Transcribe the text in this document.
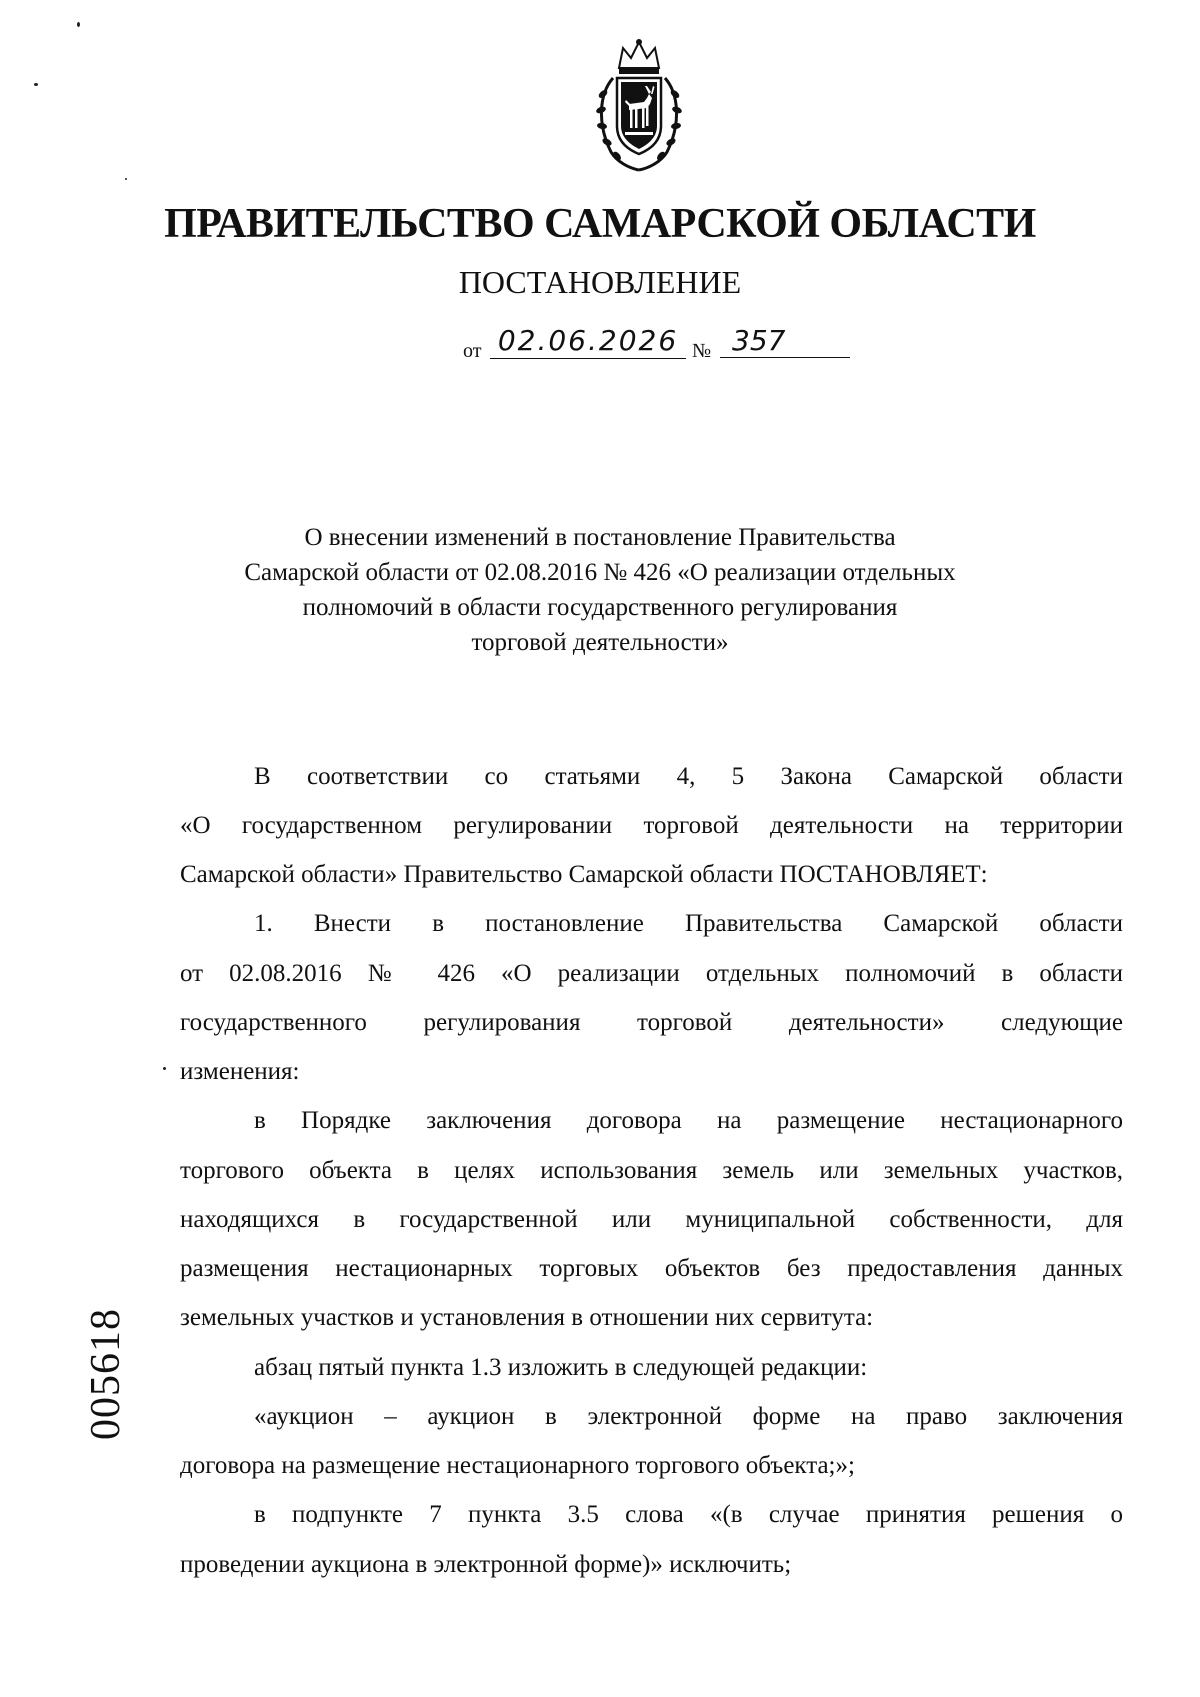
ПРАВИТЕЛЬСТВО САМАРСКОЙ ОБЛАСТИ
ПОСТАНОВЛЕНИЕ
от 02.06.2026 № 357
О внесении изменений в постановление Правительства
Самарской области от 02.08.2016 № 426 «О реализации отдельных
полномочий в области государственного регулирования
торговой деятельности»
В соответствии со статьями 4, 5 Закона Самарской области
«О государственном регулировании торговой деятельности на территории
Самарской области» Правительство Самарской области ПОСТАНОВЛЯЕТ:
1. Внести в постановление Правительства Самарской области
от 02.08.2016 № 426 «О реализации отдельных полномочий в области
государственного регулирования торговой деятельности» следующие
изменения:
в Порядке заключения договора на размещение нестационарного
торгового объекта в целях использования земель или земельных участков,
находящихся в государственной или муниципальной собственности, для
размещения нестационарных торговых объектов без предоставления данных
земельных участков и установления в отношении них сервитута:
абзац пятый пункта 1.3 изложить в следующей редакции:
«аукцион – аукцион в электронной форме на право заключения
договора на размещение нестационарного торгового объекта;»;
в подпункте 7 пункта 3.5 слова «(в случае принятия решения о
проведении аукциона в электронной форме)» исключить;
005618
